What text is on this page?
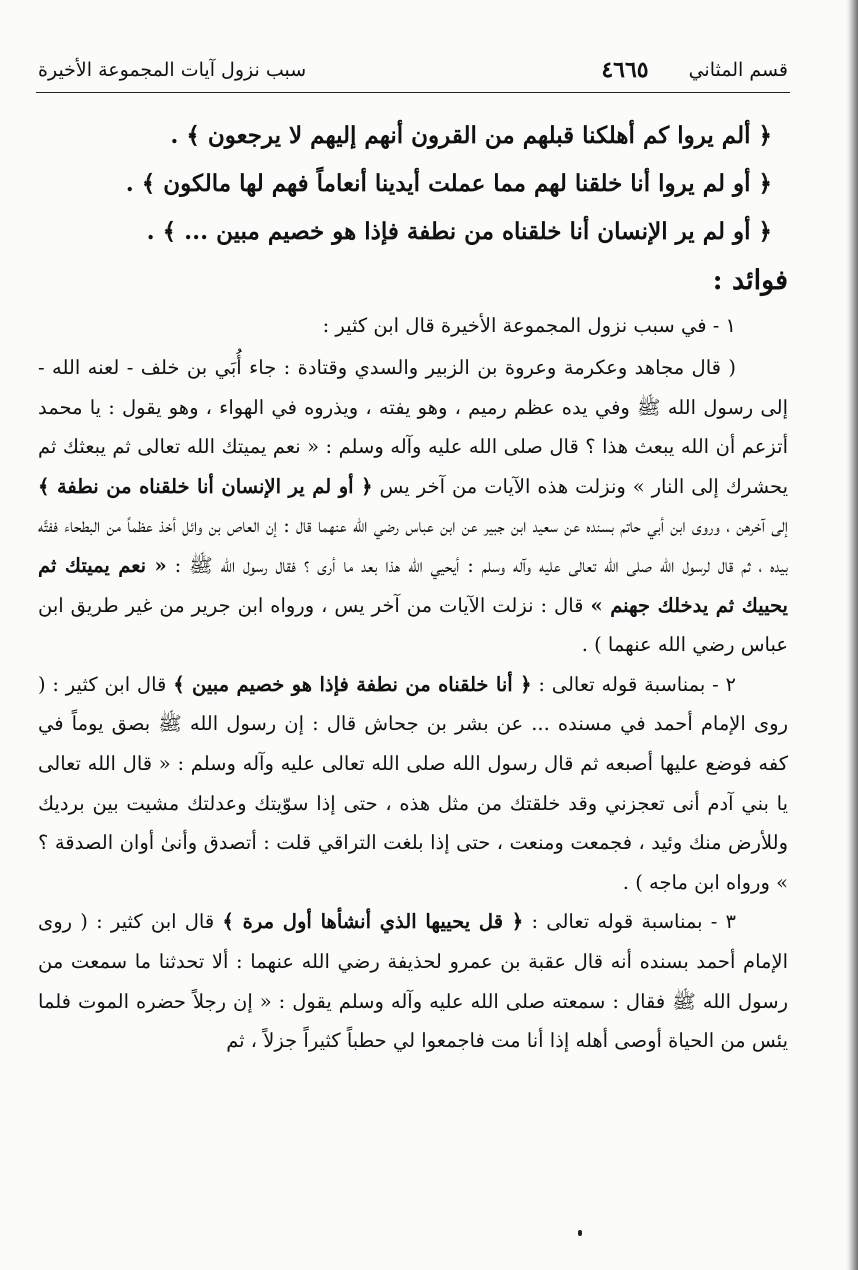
سبب نزول آيات المجموعة الأخيرة	قسم المثاني
٤٦٦٥
﴿ ألم يروا كم أهلكنا قبلهم من القرون أنهم إليهم لا يرجعون ﴾ .
﴿ أو لم يروا أنا خلقنا لهم مما عملت أيدينا أنعاماً فهم لها مالكون ﴾ .
﴿ أو لم ير الإنسان أنا خلقناه من نطفة فإذا هو خصيم مبين ... ﴾ .
فوائد :
١ - في سبب نزول المجموعة الأخيرة قال ابن كثير :
( قال مجاهد وعكرمة وعروة بن الزبير والسدي وقتادة : جاء أُبَي بن خلف - لعنه الله - إلى رسول الله ﷺ وفي يده عظم رميم ، وهو يفته ، ويذروه في الهواء ، وهو يقول : يا محمد أتزعم أن الله يبعث هذا ؟ قال صلى الله عليه وآله وسلم : « نعم يميتك الله تعالى ثم يبعثك ثم يحشرك إلى النار » ونزلت هذه الآيات من آخر يس ﴿ أو لم ير الإنسان أنا خلقناه من نطفة ﴾ إلى آخرهن ، وروى ابن أبي حاتم بسنده عن سعيد ابن جبير عن ابن عباس رضي الله عنهما قال : إن العاص بن وائل أخذ عظماً من البطحاء ففتَّه بيده ، ثم قال لرسول الله صلى الله تعالى عليه وآله وسلم : أيحيي الله هذا بعد ما أرى ؟ فقال رسول الله ﷺ : « نعم يميتك ثم يحييك ثم يدخلك جهنم » قال : نزلت الآيات من آخر يس ، ورواه ابن جرير من غير طريق ابن عباس رضي الله عنهما ) .
٢ - بمناسبة قوله تعالى : ﴿ أنا خلقناه من نطفة فإذا هو خصيم مبين ﴾ قال ابن كثير : ( روى الإمام أحمد في مسنده ... عن بشر بن جحاش قال : إن رسول الله ﷺ بصق يوماً في كفه فوضع عليها أصبعه ثم قال رسول الله صلى الله تعالى عليه وآله وسلم : « قال الله تعالى يا بني آدم أنى تعجزني وقد خلقتك من مثل هذه ، حتى إذا سوّيتك وعدلتك مشيت بين برديك وللأرض منك وئيد ، فجمعت ومنعت ، حتى إذا بلغت التراقي قلت : أتصدق وأنىٰ أوان الصدقة ؟ » ورواه ابن ماجه ) .
٣ - بمناسبة قوله تعالى : ﴿ قل يحييها الذي أنشأها أول مرة ﴾ قال ابن كثير : ( روى الإمام أحمد بسنده أنه قال عقبة بن عمرو لحذيفة رضي الله عنهما : ألا تحدثنا ما سمعت من رسول الله ﷺ فقال : سمعته صلى الله عليه وآله وسلم يقول : « إن رجلاً حضره الموت فلما يئس من الحياة أوصى أهله إذا أنا مت فاجمعوا لي حطباً كثيراً جزلاً ، ثم
